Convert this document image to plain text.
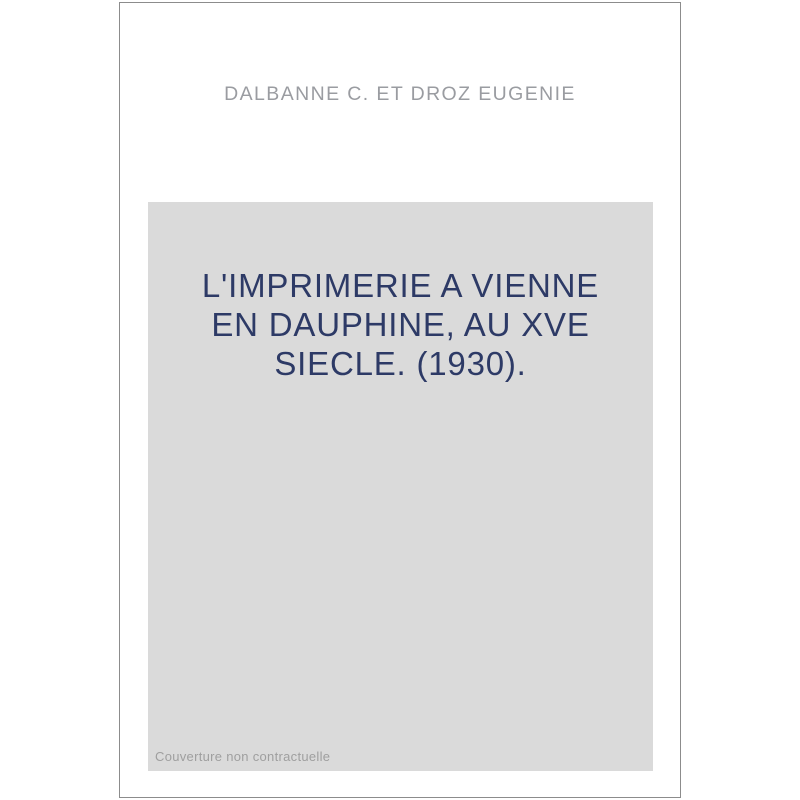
DALBANNE C. ET DROZ EUGENIE
L'IMPRIMERIE A VIENNE
EN DAUPHINE, AU XVE
SIECLE. (1930).
Couverture non contractuelle
